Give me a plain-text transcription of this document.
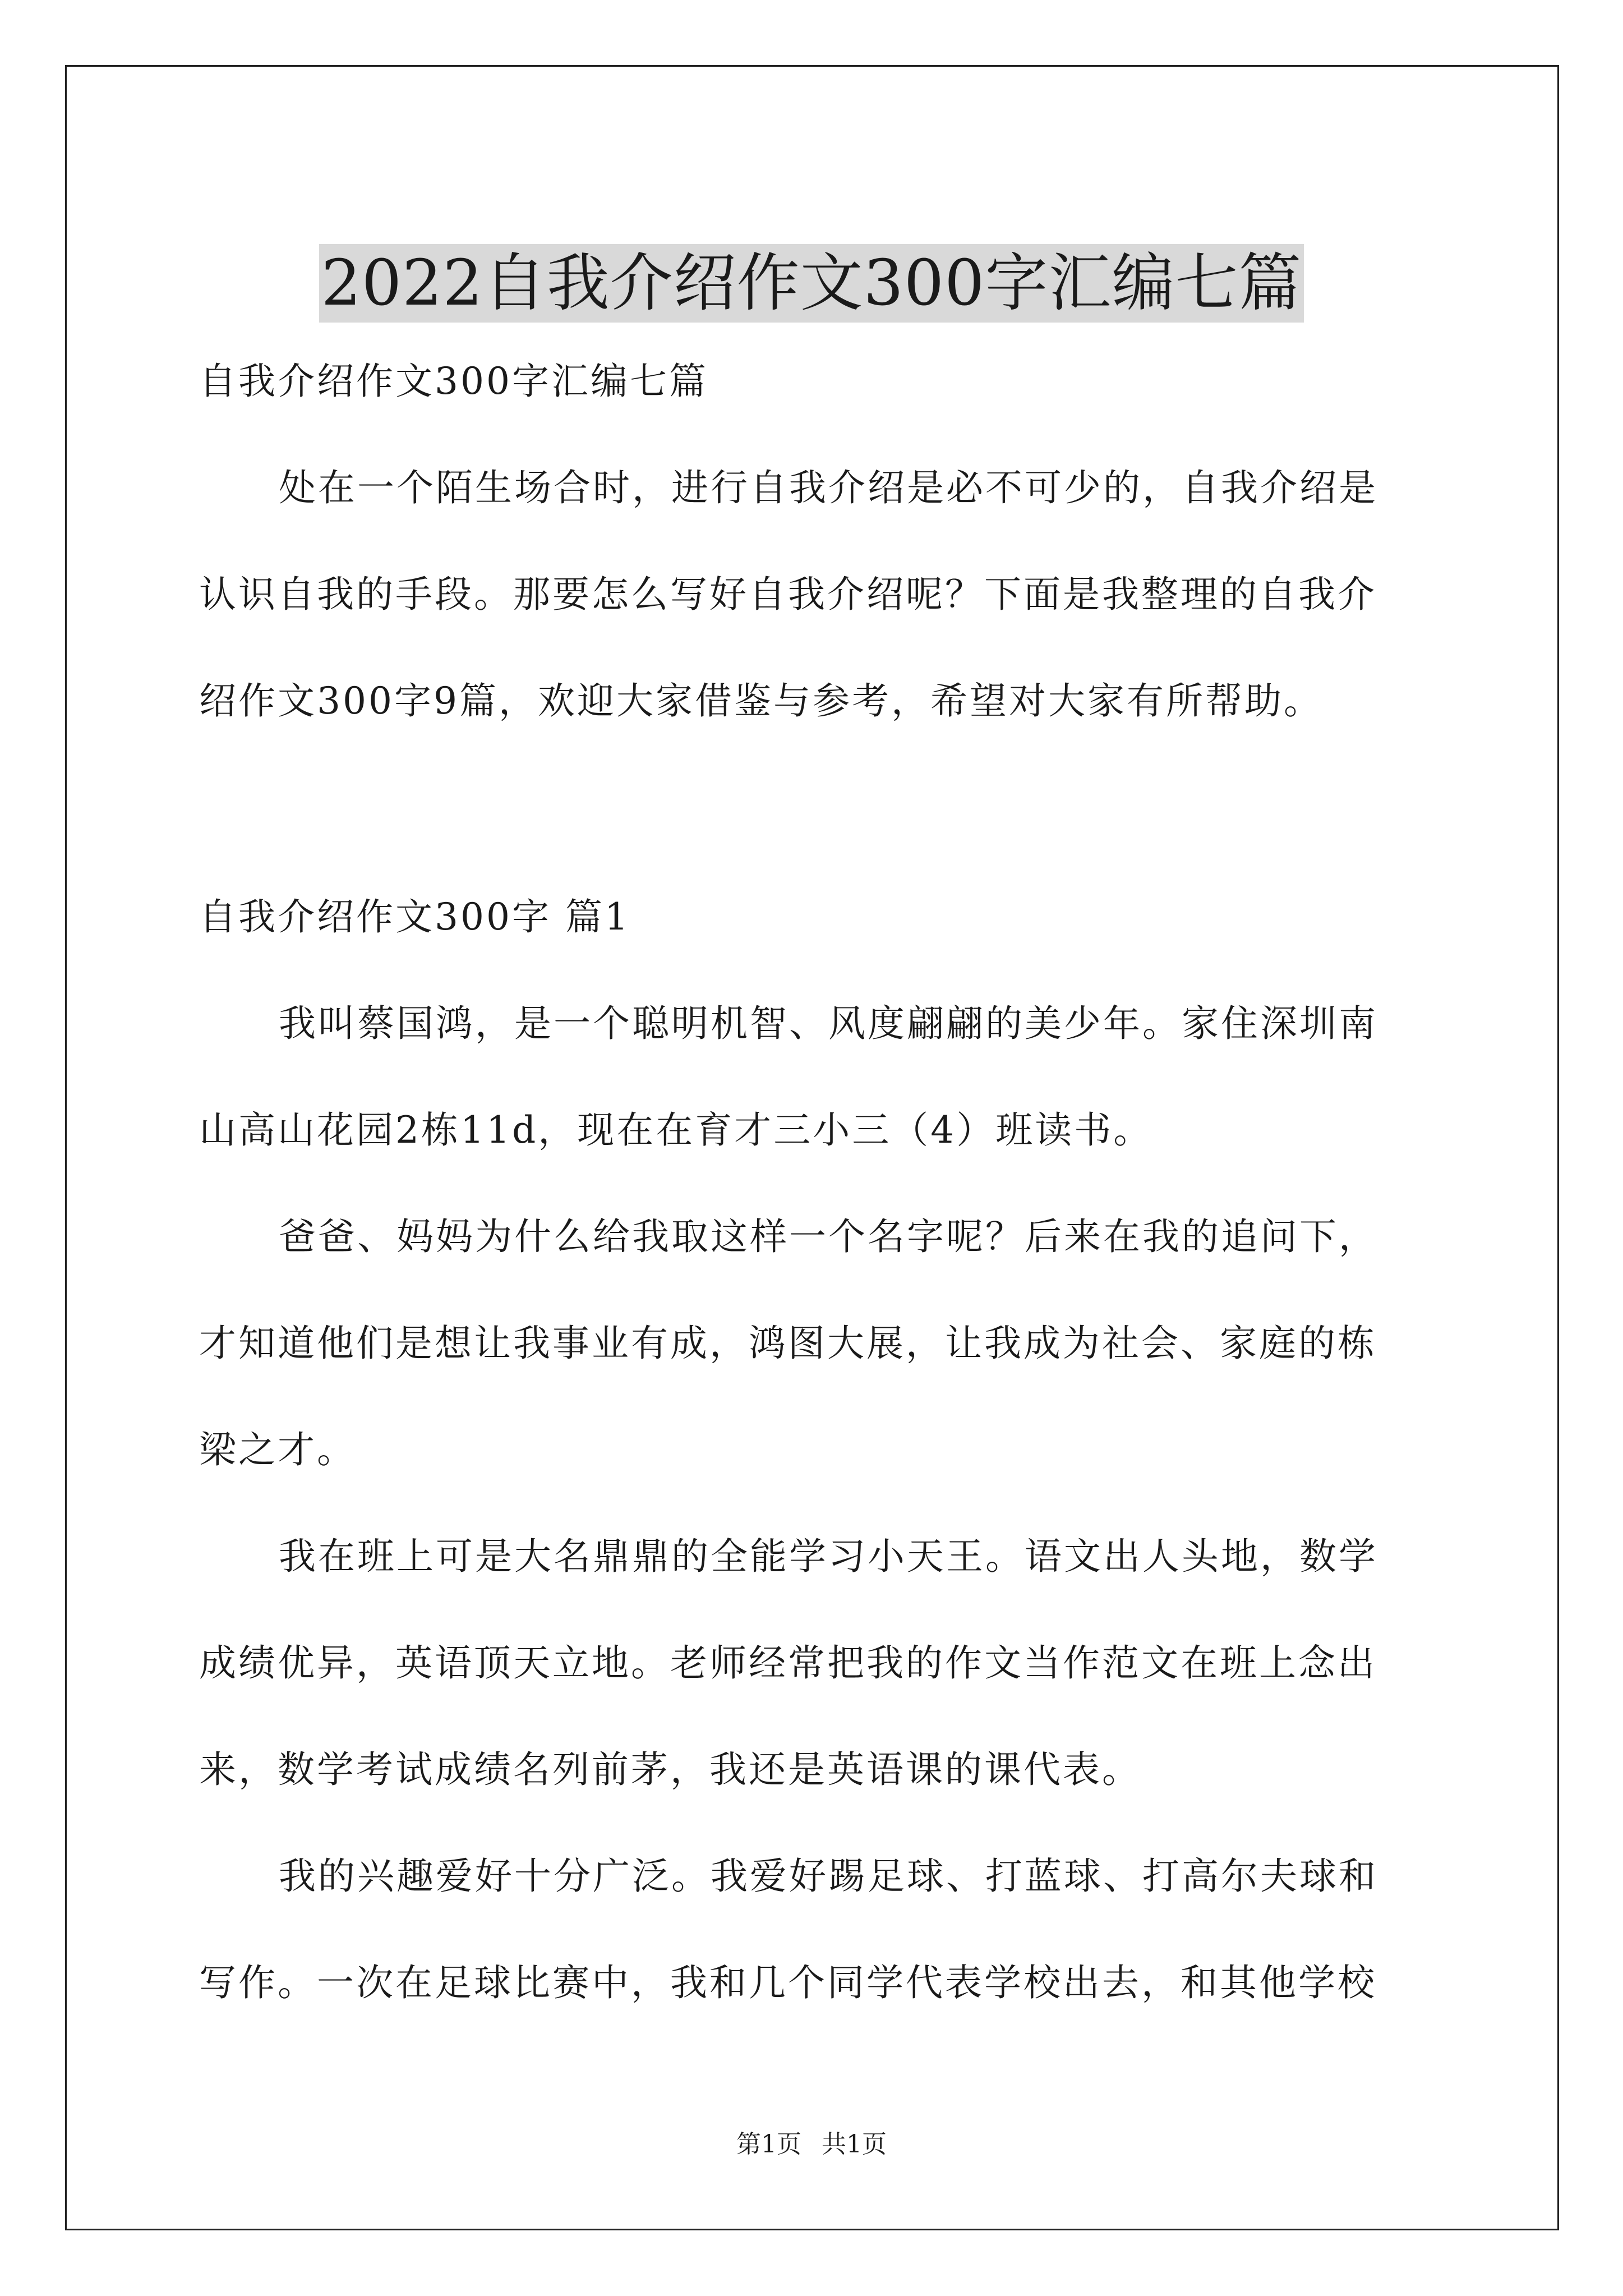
2022自我介绍作文300字汇编七篇
自我介绍作文300字汇编七篇
处在一个陌生场合时，进行自我介绍是必不可少的，自我介绍是
认识自我的手段。那要怎么写好自我介绍呢？下面是我整理的自我介
绍作文300字9篇，欢迎大家借鉴与参考，希望对大家有所帮助。
自我介绍作文300字 篇1
我叫蔡国鸿，是一个聪明机智、风度翩翩的美少年。家住深圳南
山高山花园2栋11d，现在在育才三小三（4）班读书。
爸爸、妈妈为什么给我取这样一个名字呢？后来在我的追问下，
才知道他们是想让我事业有成，鸿图大展，让我成为社会、家庭的栋
梁之才。
我在班上可是大名鼎鼎的全能学习小天王。语文出人头地，数学
成绩优异，英语顶天立地。老师经常把我的作文当作范文在班上念出
来，数学考试成绩名列前茅，我还是英语课的课代表。
我的兴趣爱好十分广泛。我爱好踢足球、打蓝球、打高尔夫球和
写作。一次在足球比赛中，我和几个同学代表学校出去，和其他学校
第1页 共1页
